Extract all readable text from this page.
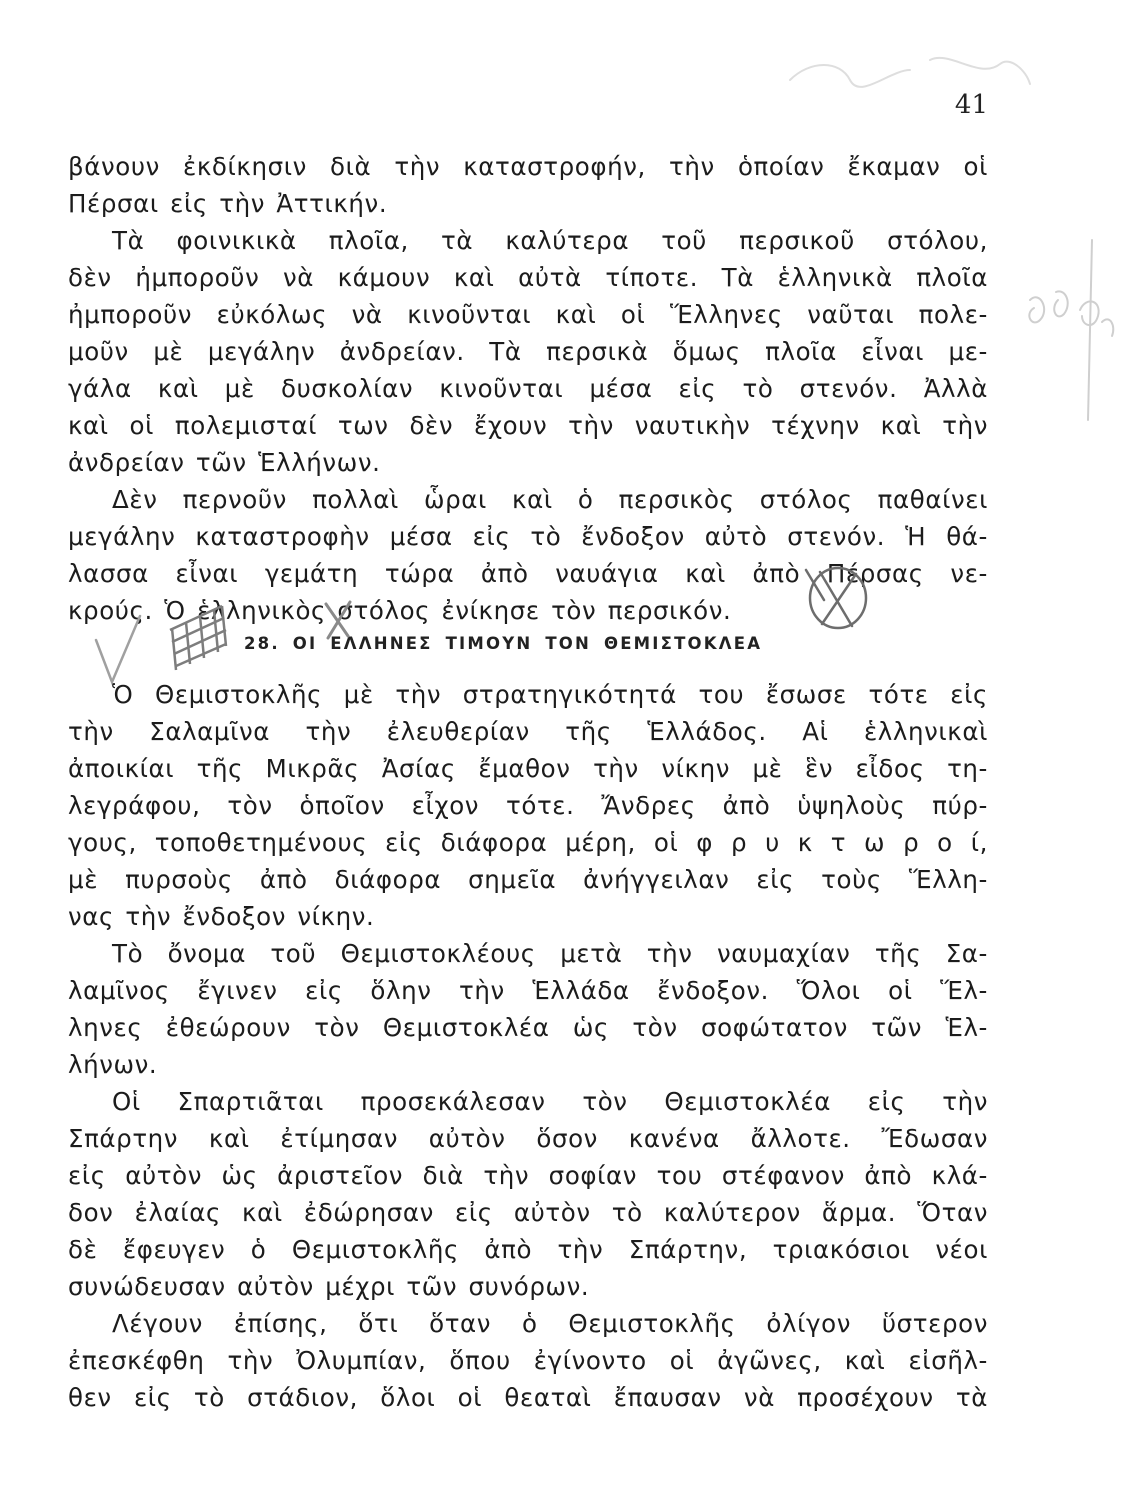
41
βάνουν ἐκδίκησιν διὰ τὴν καταστροφήν, τὴν ὁποίαν ἔκαμαν οἱ
Πέρσαι εἰς τὴν Ἀττικήν.
Τὰ φοινικικὰ πλοῖα, τὰ καλύτερα τοῦ περσικοῦ στόλου,
δὲν ἠμποροῦν νὰ κάμουν καὶ αὐτὰ τίποτε. Τὰ ἑλληνικὰ πλοῖα
ἠμποροῦν εὐκόλως νὰ κινοῦνται καὶ οἱ Ἕλληνες ναῦται πολε-
μοῦν μὲ μεγάλην ἀνδρείαν. Τὰ περσικὰ ὅμως πλοῖα εἶναι με-
γάλα καὶ μὲ δυσκολίαν κινοῦνται μέσα εἰς τὸ στενόν. Ἀλλὰ
καὶ οἱ πολεμισταί των δὲν ἔχουν τὴν ναυτικὴν τέχνην καὶ τὴν
ἀνδρείαν τῶν Ἑλλήνων.
Δὲν περνοῦν πολλαὶ ὧραι καὶ ὁ περσικὸς στόλος παθαίνει
μεγάλην καταστροφὴν μέσα εἰς τὸ ἔνδοξον αὐτὸ στενόν. Ἡ θά-
λασσα εἶναι γεμάτη τώρα ἀπὸ ναυάγια καὶ ἀπὸ Πέρσας νε-
κρούς. Ὁ ἑλληνικὸς στόλος ἐνίκησε τὸν περσικόν.
28. ΟΙ ΕΛΛΗΝΕΣ ΤΙΜΟΥΝ ΤΟΝ ΘΕΜΙΣΤΟΚΛΕΑ
Ὁ Θεμιστοκλῆς μὲ τὴν στρατηγικότητά του ἔσωσε τότε εἰς
τὴν Σαλαμῖνα τὴν ἐλευθερίαν τῆς Ἑλλάδος. Αἱ ἑλληνικαὶ
ἀποικίαι τῆς Μικρᾶς Ἀσίας ἔμαθον τὴν νίκην μὲ ἓν εἶδος τη-
λεγράφου, τὸν ὁποῖον εἶχον τότε. Ἄνδρες ἀπὸ ὑψηλοὺς πύρ-
γους, τοποθετημένους εἰς διάφορα μέρη, οἱ φ ρ υ κ τ ω ρ ο ί,
μὲ πυρσοὺς ἀπὸ διάφορα σημεῖα ἀνήγγειλαν εἰς τοὺς Ἕλλη-
νας τὴν ἔνδοξον νίκην.
Τὸ ὄνομα τοῦ Θεμιστοκλέους μετὰ τὴν ναυμαχίαν τῆς Σα-
λαμῖνος ἔγινεν εἰς ὅλην τὴν Ἑλλάδα ἔνδοξον. Ὅλοι οἱ Ἕλ-
ληνες ἐθεώρουν τὸν Θεμιστοκλέα ὡς τὸν σοφώτατον τῶν Ἑλ-
λήνων.
Οἱ Σπαρτιᾶται προσεκάλεσαν τὸν Θεμιστοκλέα εἰς τὴν
Σπάρτην καὶ ἐτίμησαν αὐτὸν ὅσον κανένα ἄλλοτε. Ἔδωσαν
εἰς αὐτὸν ὡς ἀριστεῖον διὰ τὴν σοφίαν του στέφανον ἀπὸ κλά-
δον ἐλαίας καὶ ἐδώρησαν εἰς αὐτὸν τὸ καλύτερον ἅρμα. Ὅταν
δὲ ἔφευγεν ὁ Θεμιστοκλῆς ἀπὸ τὴν Σπάρτην, τριακόσιοι νέοι
συνώδευσαν αὐτὸν μέχρι τῶν συνόρων.
Λέγουν ἐπίσης, ὅτι ὅταν ὁ Θεμιστοκλῆς ὀλίγον ὕστερον
ἐπεσκέφθη τὴν Ὀλυμπίαν, ὅπου ἐγίνοντο οἱ ἀγῶνες, καὶ εἰσῆλ-
θεν εἰς τὸ στάδιον, ὅλοι οἱ θεαταὶ ἔπαυσαν νὰ προσέχουν τὰ
